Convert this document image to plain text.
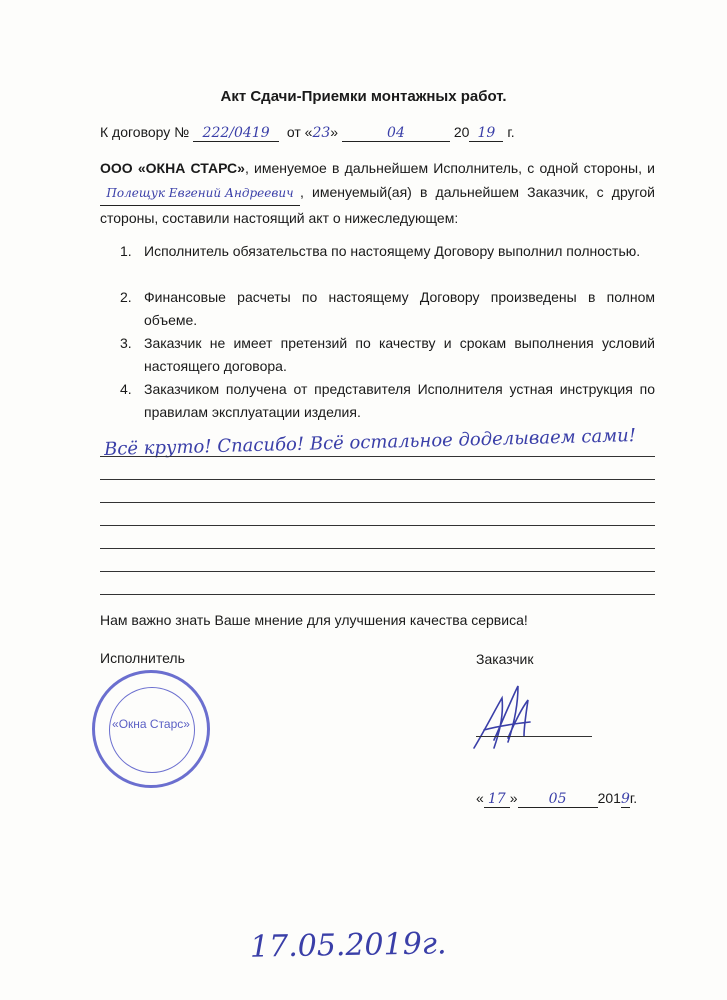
Акт Сдачи-Приемки монтажных работ.
К договору № 222/0419 от «23»	04	20 19 г.
ООО «ОКНА СТАРС», именуемое в дальнейшем Исполнитель, с одной стороны, и Полещук Евгений Андреевич , именуемый(ая) в дальнейшем Заказчик, с другой стороны, составили настоящий акт о нижеследующем:
1. Исполнитель обязательства по настоящему Договору выполнил полностью.
2. Финансовые расчеты по настоящему Договору произведены в полном объеме.
3. Заказчик не имеет претензий по качеству и срокам выполнения условий настоящего договора.
4. Заказчиком получена от представителя Исполнителя устная инструкция по правилам эксплуатации изделия.
Всё круто! Спасибо! Всё остальное доделываем сами!
Нам важно знать Ваше мнение для улучшения качества сервиса!
Исполнитель	Заказчик
«Окна Старс»
« 17 » 05 2019г.
17.05.2019г.
